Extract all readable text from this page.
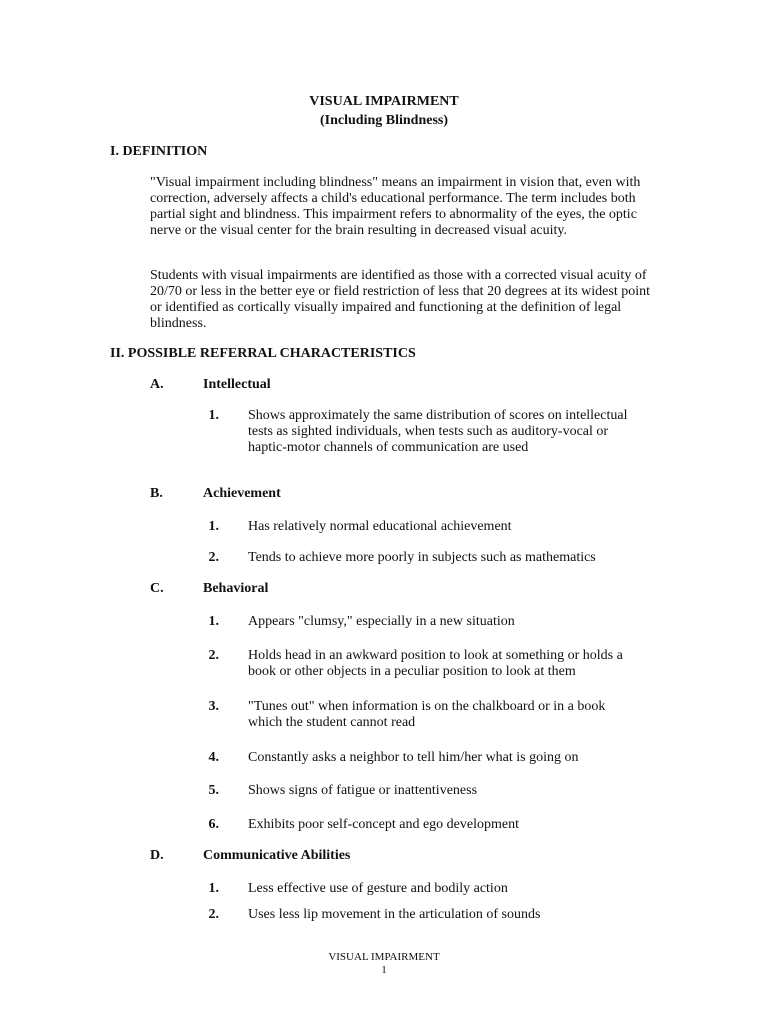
VISUAL IMPAIRMENT
(Including Blindness)
I. DEFINITION
"Visual impairment including blindness" means an impairment in vision that, even with correction, adversely affects a child's educational performance. The term includes both partial sight and blindness. This impairment refers to abnormality of the eyes, the optic nerve or the visual center for the brain resulting in decreased visual acuity.
Students with visual impairments are identified as those with a corrected visual acuity of 20/70 or less in the better eye or field restriction of less that 20 degrees at its widest point or identified as cortically visually impaired and functioning at the definition of legal blindness.
II. POSSIBLE REFERRAL CHARACTERISTICS
A.	Intellectual
1. Shows approximately the same distribution of scores on intellectual tests as sighted individuals, when tests such as auditory-vocal or haptic-motor channels of communication are used
B.	Achievement
1. Has relatively normal educational achievement
2. Tends to achieve more poorly in subjects such as mathematics
C.	Behavioral
1. Appears "clumsy," especially in a new situation
2. Holds head in an awkward position to look at something or holds a book or other objects in a peculiar position to look at them
3. "Tunes out" when information is on the chalkboard or in a book which the student cannot read
4. Constantly asks a neighbor to tell him/her what is going on
5. Shows signs of fatigue or inattentiveness
6. Exhibits poor self-concept and ego development
D.	Communicative Abilities
1. Less effective use of gesture and bodily action
2. Uses less lip movement in the articulation of sounds
VISUAL IMPAIRMENT
1
